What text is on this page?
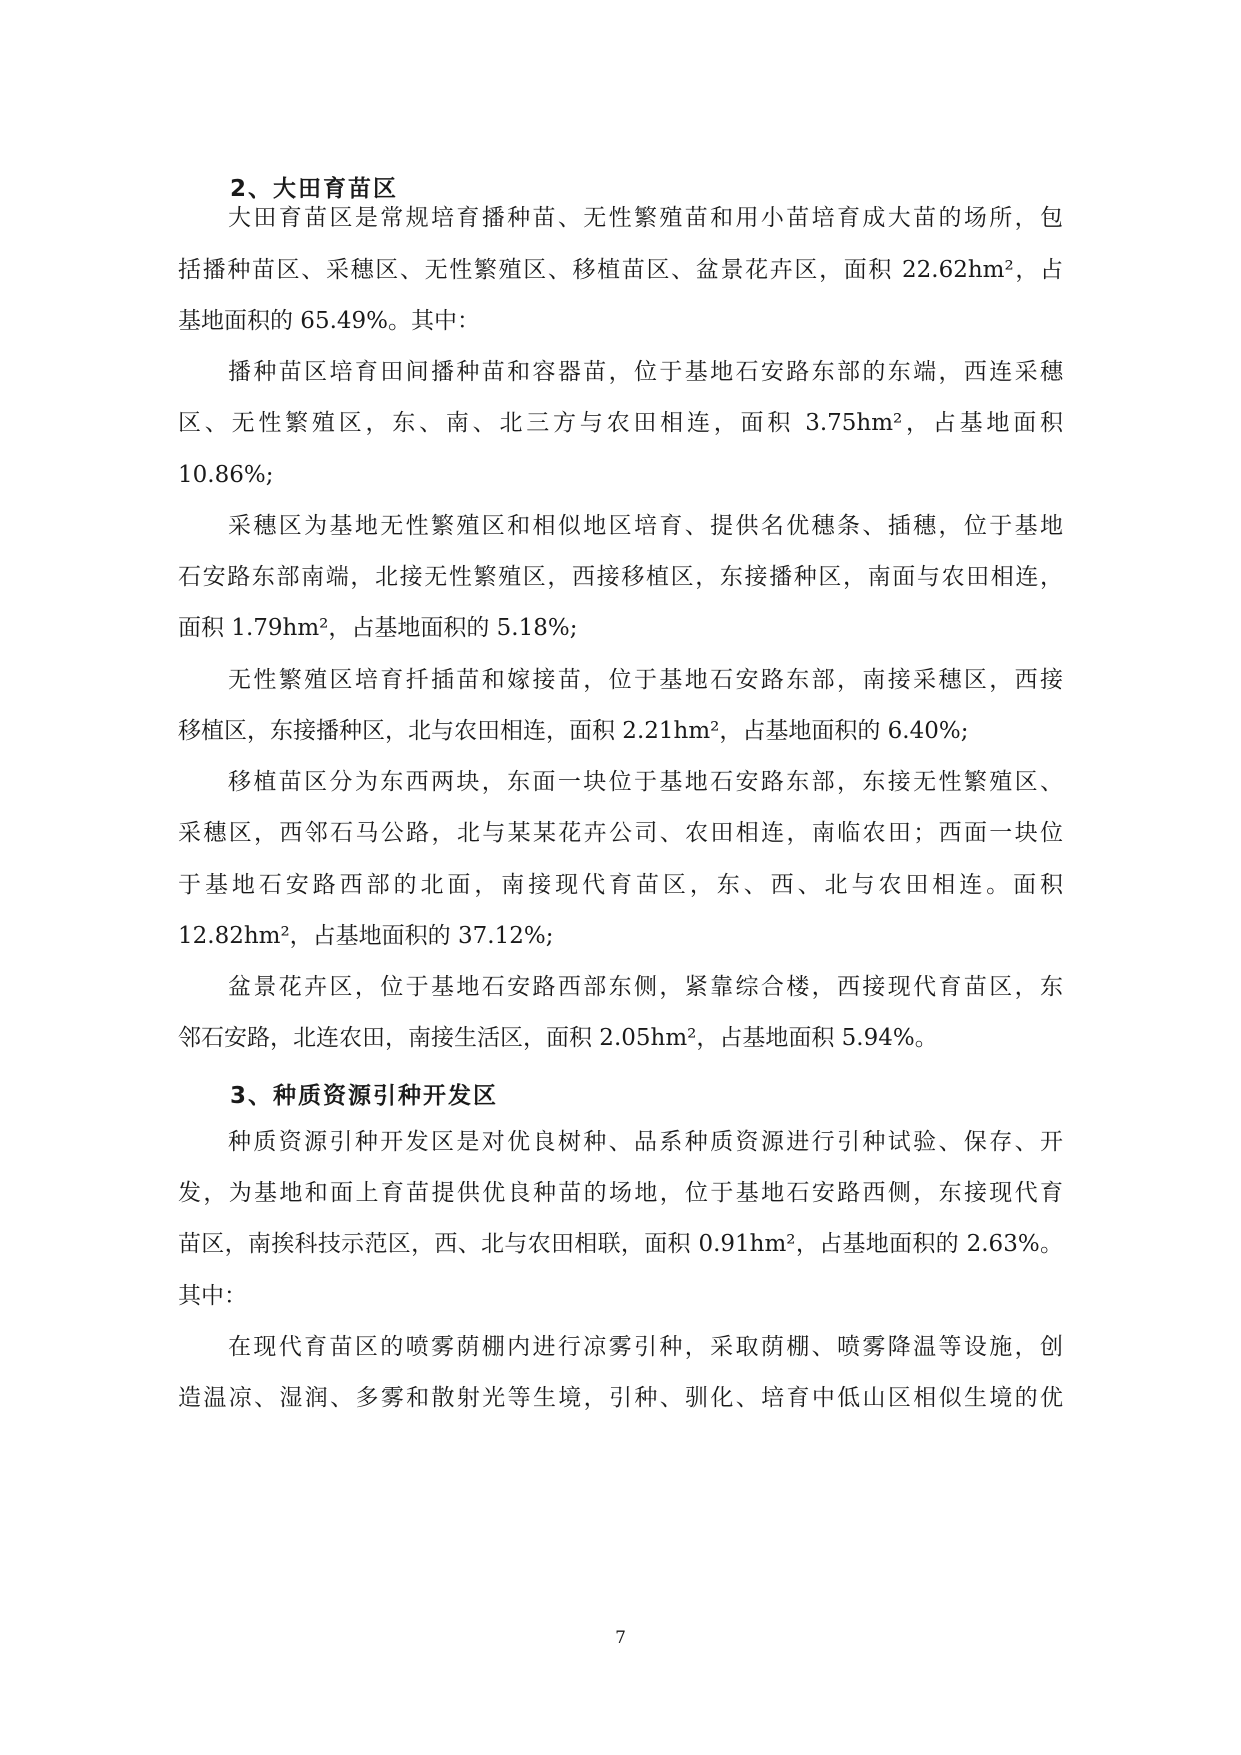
2、大田育苗区
大田育苗区是常规培育播种苗、无性繁殖苗和用小苗培育成大苗的场所，包
括播种苗区、采穗区、无性繁殖区、移植苗区、盆景花卉区，面积 22.62hm²，占
基地面积的 65.49%。其中：
播种苗区培育田间播种苗和容器苗，位于基地石安路东部的东端，西连采穗
区、无性繁殖区，东、南、北三方与农田相连，面积 3.75hm²，占基地面积
10.86%;
采穗区为基地无性繁殖区和相似地区培育、提供名优穗条、插穗，位于基地
石安路东部南端，北接无性繁殖区，西接移植区，东接播种区，南面与农田相连，
面积 1.79hm²，占基地面积的 5.18%;
无性繁殖区培育扦插苗和嫁接苗，位于基地石安路东部，南接采穗区，西接
移植区，东接播种区，北与农田相连，面积 2.21hm²，占基地面积的 6.40%;
移植苗区分为东西两块，东面一块位于基地石安路东部，东接无性繁殖区、
采穗区，西邻石马公路，北与某某花卉公司、农田相连，南临农田；西面一块位
于基地石安路西部的北面，南接现代育苗区，东、西、北与农田相连。面积
12.82hm²，占基地面积的 37.12%;
盆景花卉区，位于基地石安路西部东侧，紧靠综合楼，西接现代育苗区，东
邻石安路，北连农田，南接生活区，面积 2.05hm²，占基地面积 5.94%。
3、种质资源引种开发区
种质资源引种开发区是对优良树种、品系种质资源进行引种试验、保存、开
发，为基地和面上育苗提供优良种苗的场地，位于基地石安路西侧，东接现代育
苗区，南挨科技示范区，西、北与农田相联，面积 0.91hm²，占基地面积的 2.63%。
其中：
在现代育苗区的喷雾荫棚内进行凉雾引种，采取荫棚、喷雾降温等设施，创
造温凉、湿润、多雾和散射光等生境，引种、驯化、培育中低山区相似生境的优
7
